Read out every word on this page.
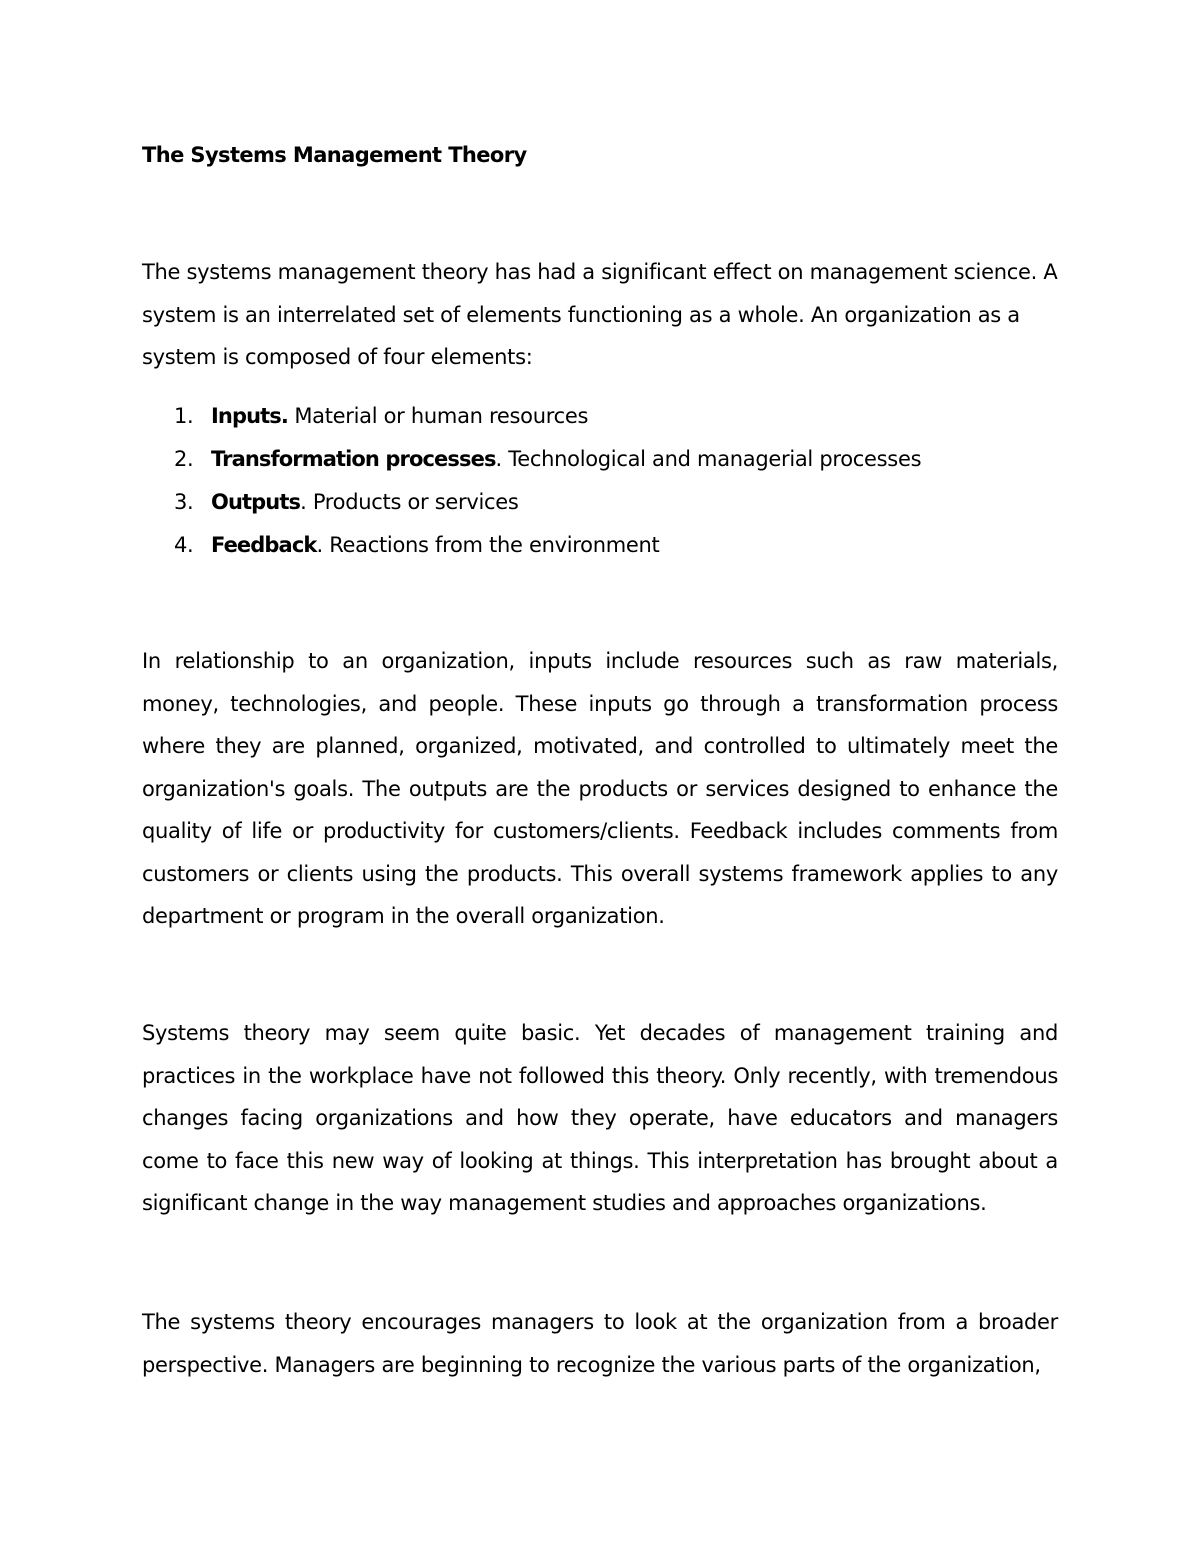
The Systems Management Theory

The systems management theory has had a significant effect on management science. A system is an interrelated set of elements functioning as a whole. An organization as a system is composed of four elements:

1. Inputs. Material or human resources
2. Transformation processes. Technological and managerial processes
3. Outputs. Products or services
4. Feedback. Reactions from the environment

In relationship to an organization, inputs include resources such as raw materials, money, technologies, and people. These inputs go through a transformation process where they are planned, organized, motivated, and controlled to ultimately meet the organization's goals. The outputs are the products or services designed to enhance the quality of life or productivity for customers/clients. Feedback includes comments from customers or clients using the products. This overall systems framework applies to any department or program in the overall organization.

Systems theory may seem quite basic. Yet decades of management training and practices in the workplace have not followed this theory. Only recently, with tremendous changes facing organizations and how they operate, have educators and managers come to face this new way of looking at things. This interpretation has brought about a significant change in the way management studies and approaches organizations.

The systems theory encourages managers to look at the organization from a broader perspective. Managers are beginning to recognize the various parts of the organization,
